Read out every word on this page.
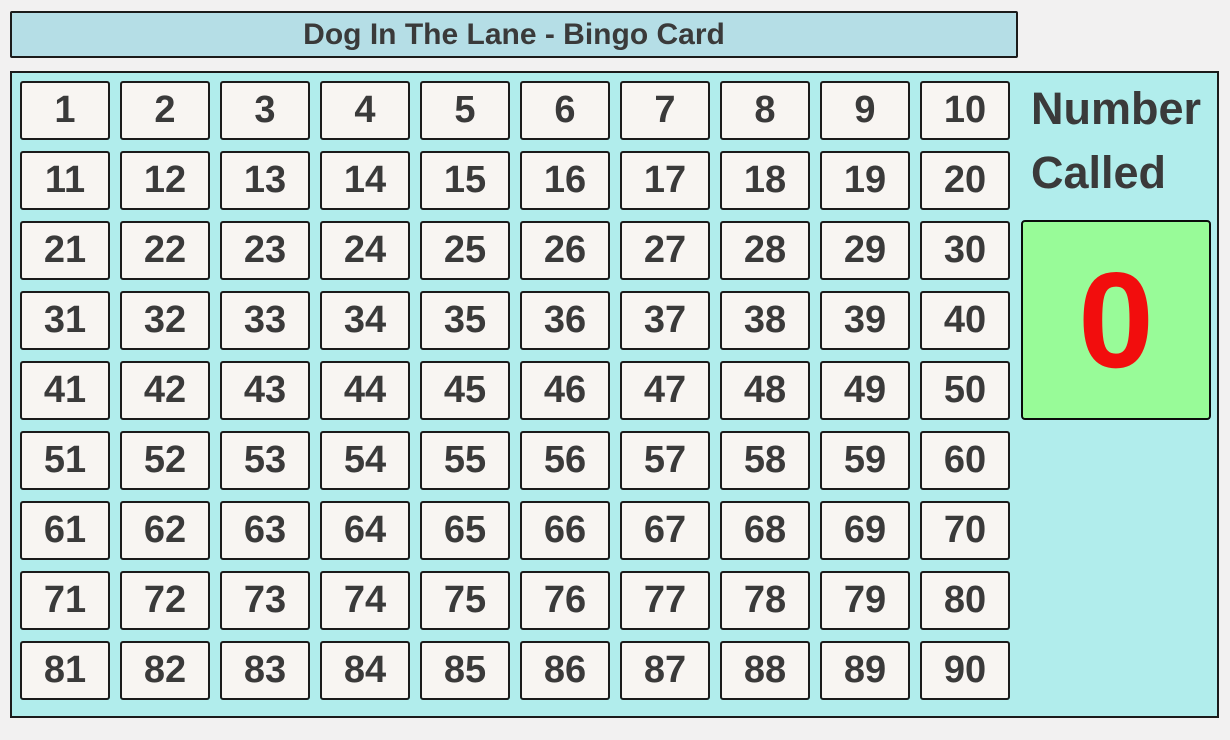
Dog In The Lane - Bingo Card
1	2	3	4	5	6	7	8	9	10
11	12	13	14	15	16	17	18	19	20
21	22	23	24	25	26	27	28	29	30
31	32	33	34	35	36	37	38	39	40
41	42	43	44	45	46	47	48	49	50
51	52	53	54	55	56	57	58	59	60
61	62	63	64	65	66	67	68	69	70
71	72	73	74	75	76	77	78	79	80
81	82	83	84	85	86	87	88	89	90
Number Called
0
